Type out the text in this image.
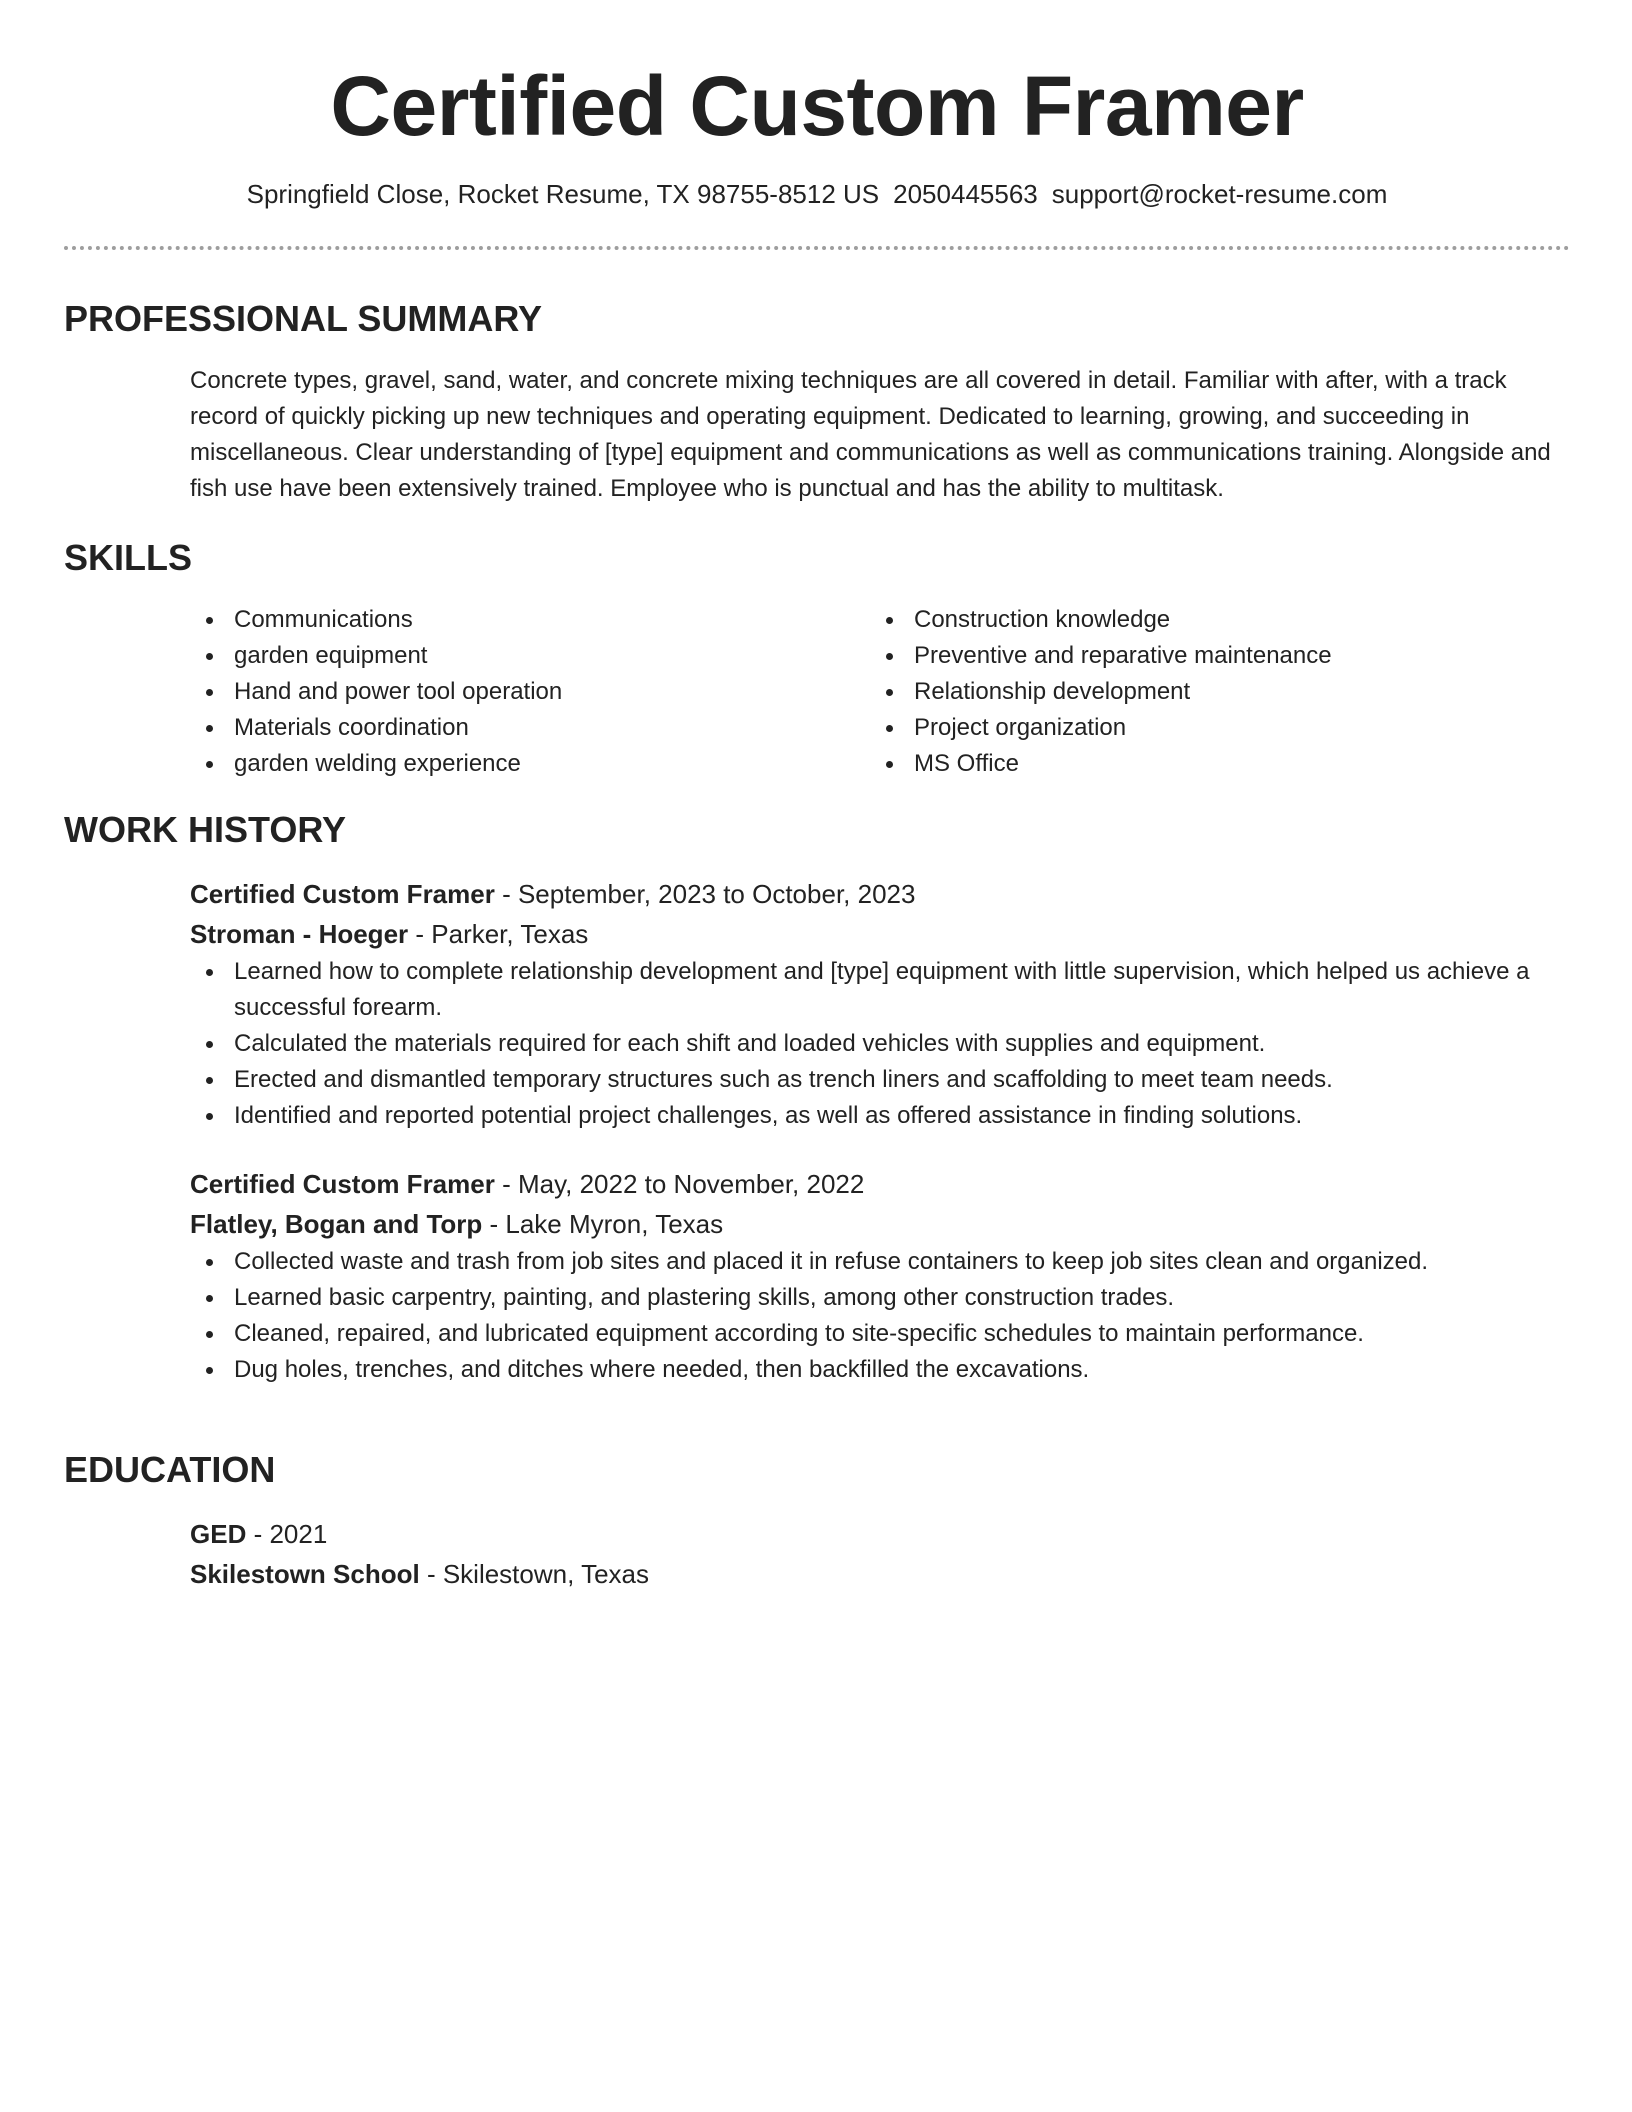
Certified Custom Framer
Springfield Close, Rocket Resume, TX 98755-8512 US 2050445563 support@rocket-resume.com
PROFESSIONAL SUMMARY
Concrete types, gravel, sand, water, and concrete mixing techniques are all covered in detail. Familiar with after, with a track record of quickly picking up new techniques and operating equipment. Dedicated to learning, growing, and succeeding in miscellaneous. Clear understanding of [type] equipment and communications as well as communications training. Alongside and fish use have been extensively trained. Employee who is punctual and has the ability to multitask.
SKILLS
Communications
garden equipment
Hand and power tool operation
Materials coordination
garden welding experience
Construction knowledge
Preventive and reparative maintenance
Relationship development
Project organization
MS Office
WORK HISTORY
Certified Custom Framer - September, 2023 to October, 2023
Stroman - Hoeger - Parker, Texas
Learned how to complete relationship development and [type] equipment with little supervision, which helped us achieve a successful forearm.
Calculated the materials required for each shift and loaded vehicles with supplies and equipment.
Erected and dismantled temporary structures such as trench liners and scaffolding to meet team needs.
Identified and reported potential project challenges, as well as offered assistance in finding solutions.
Certified Custom Framer - May, 2022 to November, 2022
Flatley, Bogan and Torp - Lake Myron, Texas
Collected waste and trash from job sites and placed it in refuse containers to keep job sites clean and organized.
Learned basic carpentry, painting, and plastering skills, among other construction trades.
Cleaned, repaired, and lubricated equipment according to site-specific schedules to maintain performance.
Dug holes, trenches, and ditches where needed, then backfilled the excavations.
EDUCATION
GED - 2021
Skilestown School - Skilestown, Texas
